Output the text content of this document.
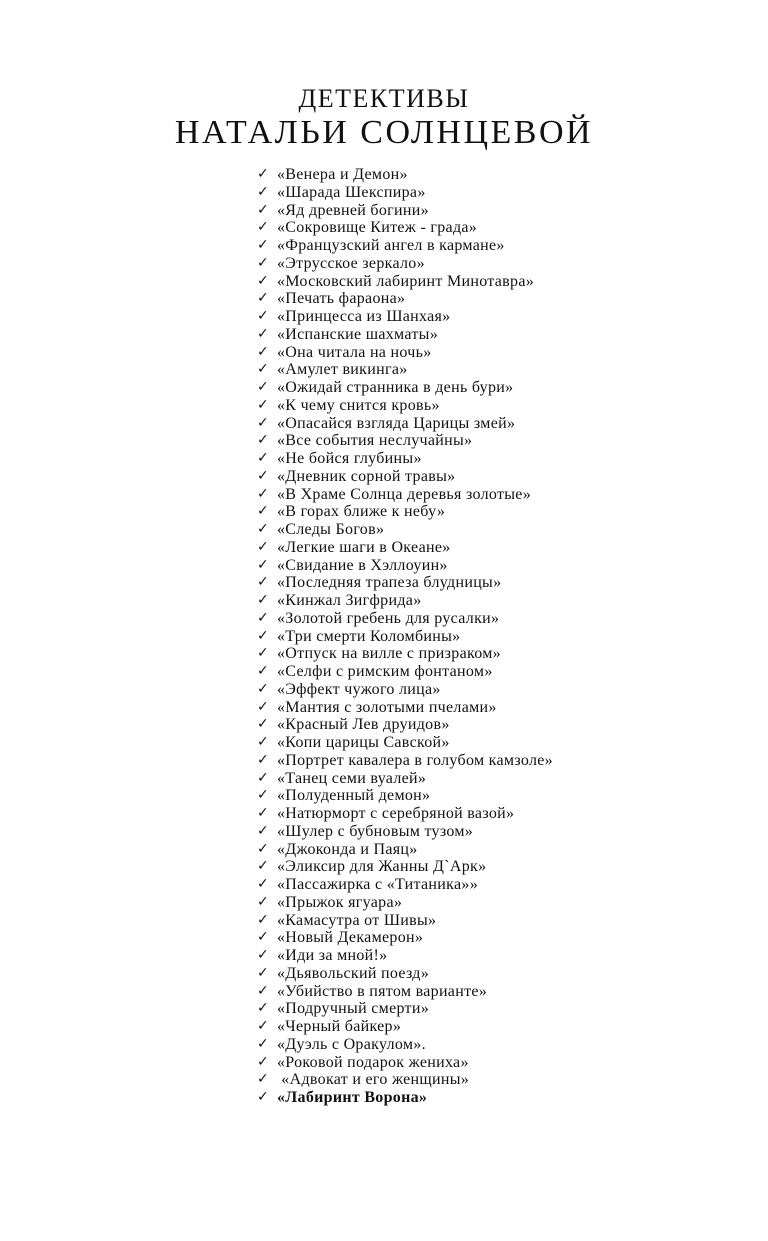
ДЕТЕКТИВЫ
НАТАЛЬИ СОЛНЦЕВОЙ
✓ «Венера и Демон»
✓ «Шарада Шекспира»
✓ «Яд древней богини»
✓ «Сокровище Китеж - града»
✓ «Французский ангел в кармане»
✓ «Этрусское зеркало»
✓ «Московский лабиринт Минотавра»
✓ «Печать фараона»
✓ «Принцесса из Шанхая»
✓ «Испанские шахматы»
✓ «Она читала на ночь»
✓ «Амулет викинга»
✓ «Ожидай странника в день бури»
✓ «К чему снится кровь»
✓ «Опасайся взгляда Царицы змей»
✓ «Все события неслучайны»
✓ «Не бойся глубины»
✓ «Дневник сорной травы»
✓ «В Храме Солнца деревья золотые»
✓ «В горах ближе к небу»
✓ «Следы Богов»
✓ «Легкие шаги в Океане»
✓ «Свидание в Хэллоуин»
✓ «Последняя трапеза блудницы»
✓ «Кинжал Зигфрида»
✓ «Золотой гребень для русалки»
✓ «Три смерти Коломбины»
✓ «Отпуск на вилле с призраком»
✓ «Селфи с римским фонтаном»
✓ «Эффект чужого лица»
✓ «Мантия с золотыми пчелами»
✓ «Красный Лев друидов»
✓ «Копи царицы Савской»
✓ «Портрет кавалера в голубом камзоле»
✓ «Танец семи вуалей»
✓ «Полуденный демон»
✓ «Натюрморт с серебряной вазой»
✓ «Шулер с бубновым тузом»
✓ «Джоконда и Паяц»
✓ «Эликсир для Жанны Д`Арк»
✓ «Пассажирка с «Титаника»»
✓ «Прыжок ягуара»
✓ «Камасутра от Шивы»
✓ «Новый Декамерон»
✓ «Иди за мной!»
✓ «Дьявольский поезд»
✓ «Убийство в пятом варианте»
✓ «Подручный смерти»
✓ «Черный байкер»
✓ «Дуэль с Оракулом».
✓ «Роковой подарок жениха»
✓ «Адвокат и его женщины»
✓ «Лабиринт Ворона»
